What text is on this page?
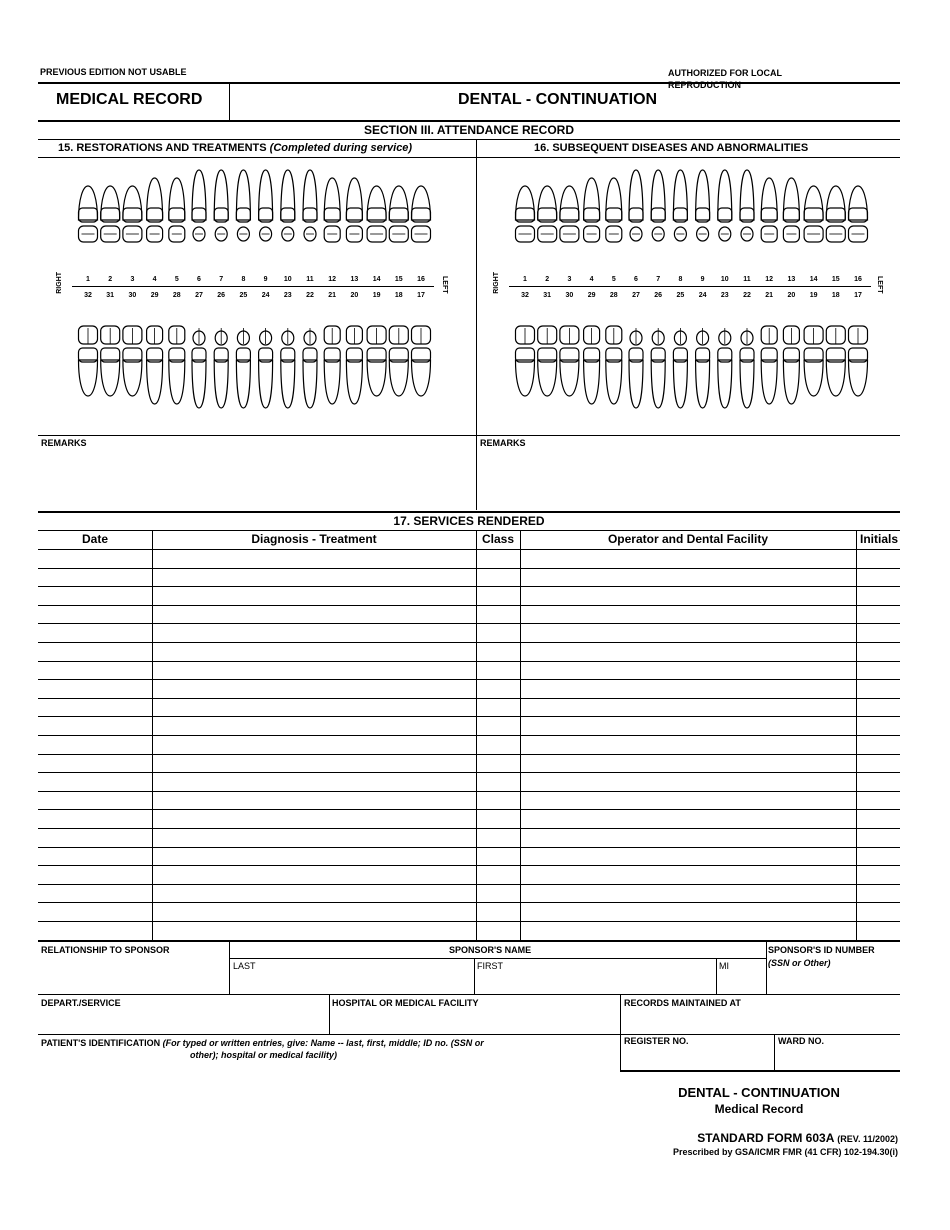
PREVIOUS EDITION NOT USABLE	AUTHORIZED FOR LOCAL REPRODUCTION
MEDICAL RECORD	DENTAL - CONTINUATION
SECTION III. ATTENDANCE RECORD
15. RESTORATIONS AND TREATMENTS (Completed during service)	16. SUBSEQUENT DISEASES AND ABNORMALITIES
RIGHT	LEFT
1	2	3	4	5	6	7	8	9	10	11	12	13	14	15	16
32	31	30	29	28	27	26	25	24	23	22	21	20	19	18	17
RIGHT	LEFT
1	2	3	4	5	6	7	8	9	10	11	12	13	14	15	16
32	31	30	29	28	27	26	25	24	23	22	21	20	19	18	17
REMARKS	REMARKS
17. SERVICES RENDERED
Date	Diagnosis - Treatment	Class	Operator and Dental Facility	Initials
RELATIONSHIP TO SPONSOR	SPONSOR'S NAME	SPONSOR'S ID NUMBER
(SSN or Other)
LAST	FIRST	MI
DEPART./SERVICE	HOSPITAL OR MEDICAL FACILITY	RECORDS MAINTAINED AT
PATIENT'S IDENTIFICATION (For typed or written entries, give: Name -- last, first, middle; ID no. (SSN or
other); hospital or medical facility)
REGISTER NO.	WARD NO.
DENTAL - CONTINUATION
Medical Record
STANDARD FORM 603A (REV. 11/2002)
Prescribed by GSA/ICMR FMR (41 CFR) 102-194.30(i)
